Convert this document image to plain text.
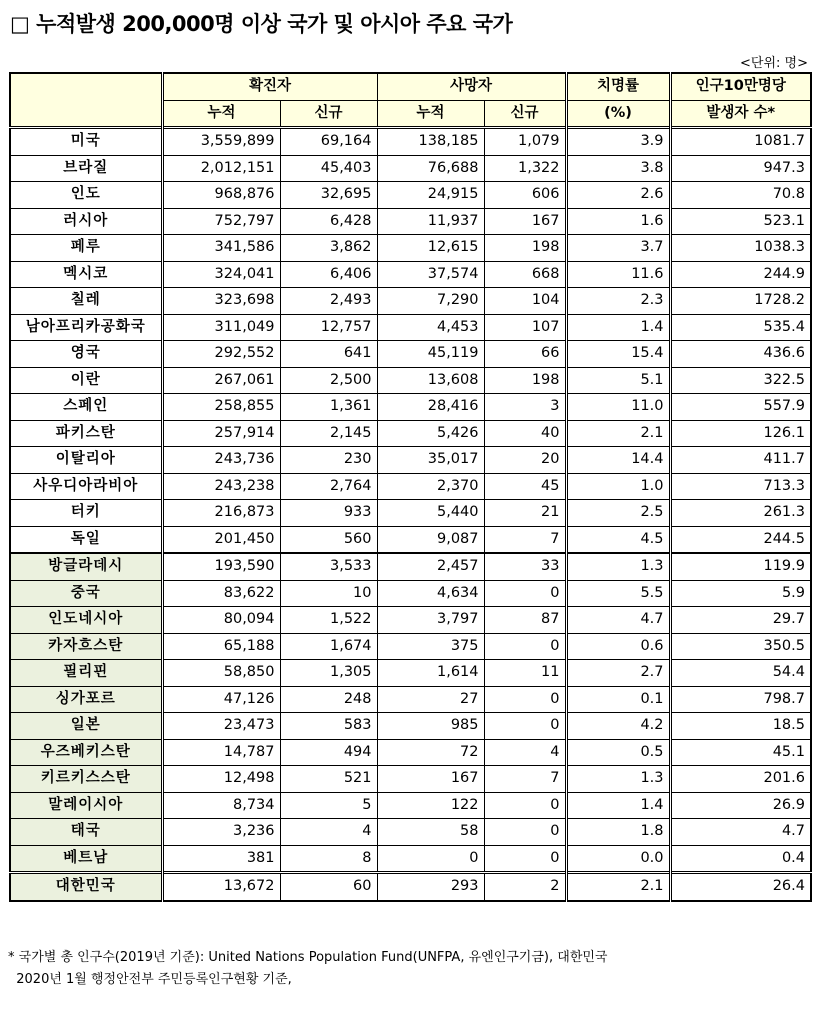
□ 누적발생 200,000명 이상 국가 및 아시아 주요 국가
<단위: 명>
	확진자		사망자		치명률	인구10만명당
	누적	신규	누적	신규	(%)	발생자 수*
미국	3,559,899	69,164	138,185	1,079	3.9	1081.7
브라질	2,012,151	45,403	76,688	1,322	3.8	947.3
인도	968,876	32,695	24,915	606	2.6	70.8
러시아	752,797	6,428	11,937	167	1.6	523.1
페루	341,586	3,862	12,615	198	3.7	1038.3
멕시코	324,041	6,406	37,574	668	11.6	244.9
칠레	323,698	2,493	7,290	104	2.3	1728.2
남아프리카공화국	311,049	12,757	4,453	107	1.4	535.4
영국	292,552	641	45,119	66	15.4	436.6
이란	267,061	2,500	13,608	198	5.1	322.5
스페인	258,855	1,361	28,416	3	11.0	557.9
파키스탄	257,914	2,145	5,426	40	2.1	126.1
이탈리아	243,736	230	35,017	20	14.4	411.7
사우디아라비아	243,238	2,764	2,370	45	1.0	713.3
터키	216,873	933	5,440	21	2.5	261.3
독일	201,450	560	9,087	7	4.5	244.5
방글라데시	193,590	3,533	2,457	33	1.3	119.9
중국	83,622	10	4,634	0	5.5	5.9
인도네시아	80,094	1,522	3,797	87	4.7	29.7
카자흐스탄	65,188	1,674	375	0	0.6	350.5
필리핀	58,850	1,305	1,614	11	2.7	54.4
싱가포르	47,126	248	27	0	0.1	798.7
일본	23,473	583	985	0	4.2	18.5
우즈베키스탄	14,787	494	72	4	0.5	45.1
키르키스스탄	12,498	521	167	7	1.3	201.6
말레이시아	8,734	5	122	0	1.4	26.9
태국	3,236	4	58	0	1.8	4.7
베트남	381	8	0	0	0.0	0.4
대한민국	13,672	60	293	2	2.1	26.4
* 국가별 총 인구수(2019년 기준): United Nations Population Fund(UNFPA, 유엔인구기금), 대한민국
2020년 1월 행정안전부 주민등록인구현황 기준,
